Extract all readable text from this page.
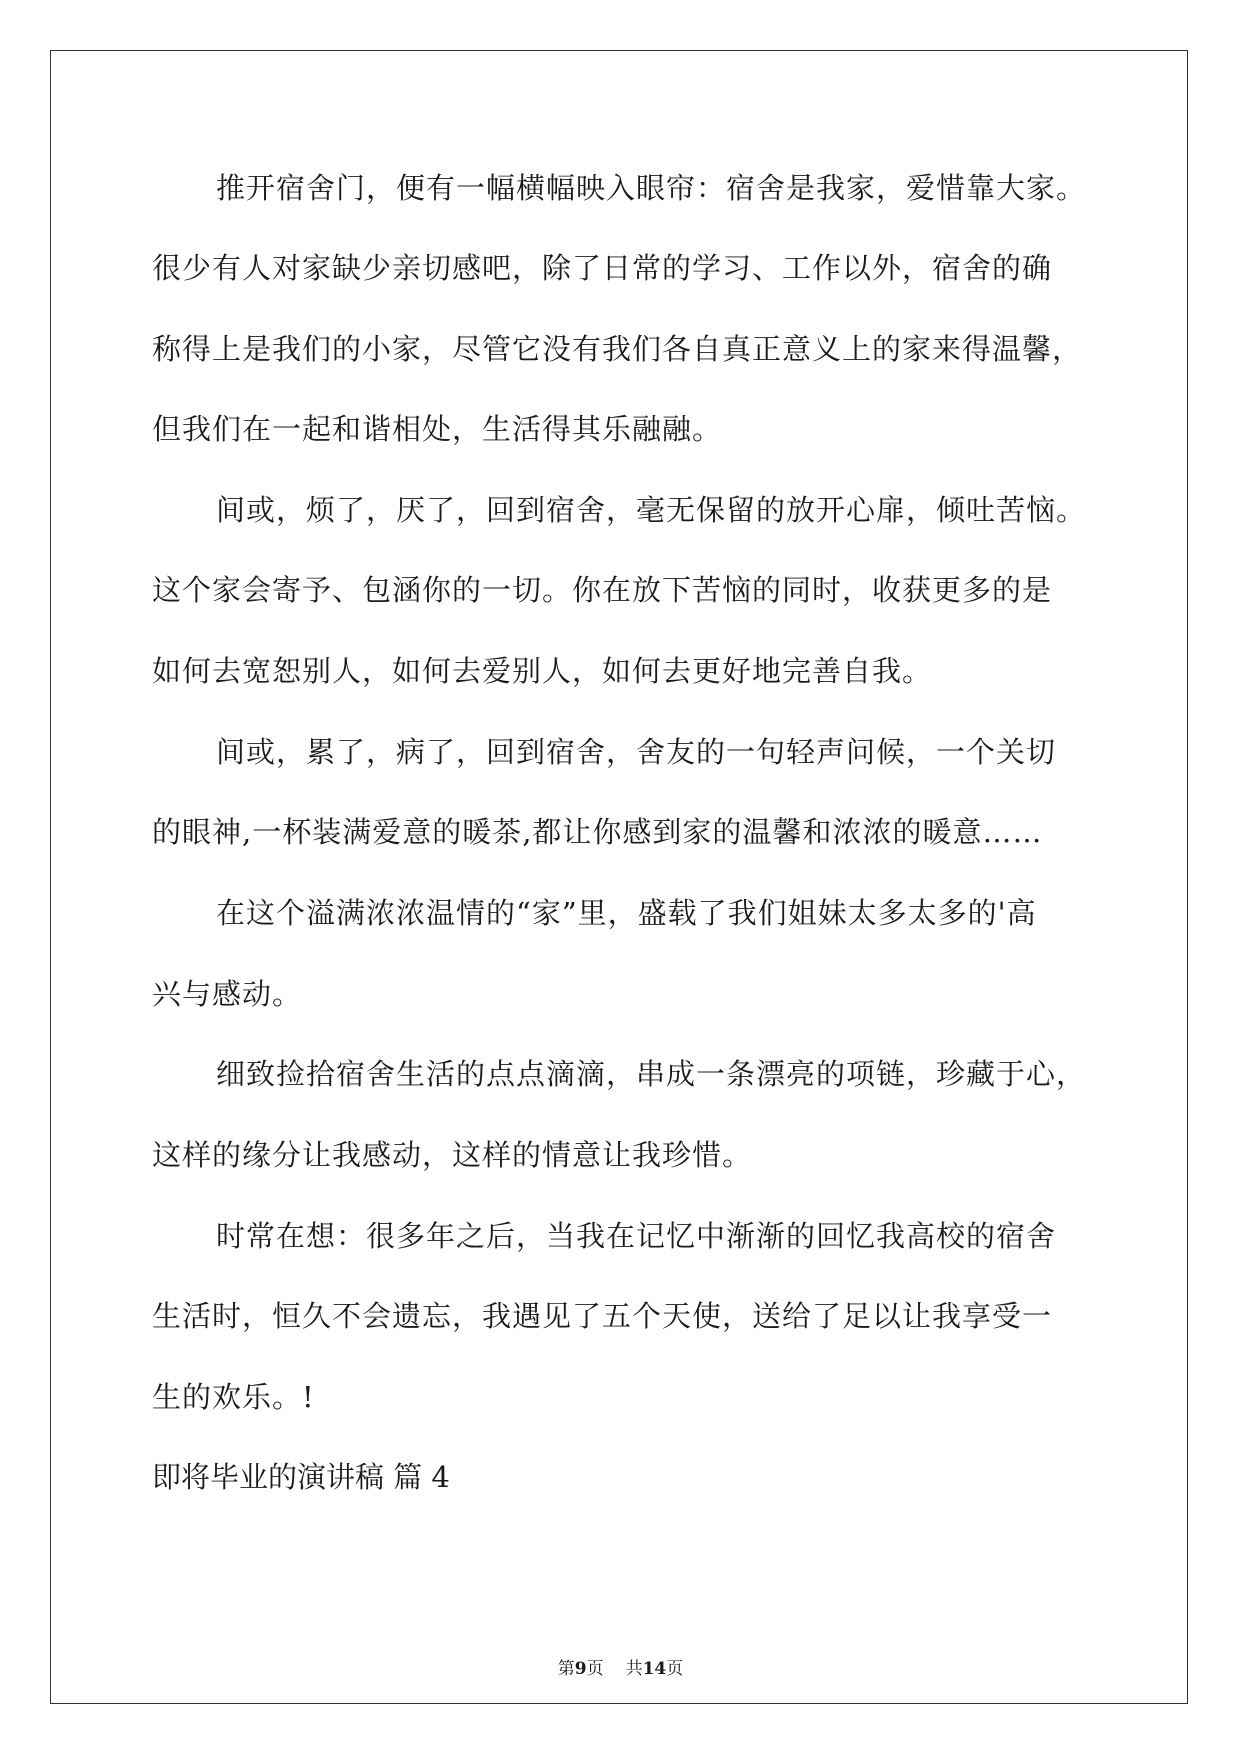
推开宿舍门，便有一幅横幅映入眼帘：宿舍是我家，爱惜靠大家。
很少有人对家缺少亲切感吧，除了日常的学习、工作以外，宿舍的确
称得上是我们的小家，尽管它没有我们各自真正意义上的家来得温馨，
但我们在一起和谐相处，生活得其乐融融。
间或，烦了，厌了，回到宿舍，毫无保留的放开心扉，倾吐苦恼。
这个家会寄予、包涵你的一切。你在放下苦恼的同时，收获更多的是
如何去宽恕别人，如何去爱别人，如何去更好地完善自我。
间或，累了，病了，回到宿舍，舍友的一句轻声问候，一个关切
的眼神,一杯装满爱意的暖茶,都让你感到家的温馨和浓浓的暖意……
在这个溢满浓浓温情的“家”里，盛载了我们姐妹太多太多的'高
兴与感动。
细致捡拾宿舍生活的点点滴滴，串成一条漂亮的项链，珍藏于心，
这样的缘分让我感动，这样的情意让我珍惜。
时常在想：很多年之后，当我在记忆中渐渐的回忆我高校的宿舍
生活时，恒久不会遗忘，我遇见了五个天使，送给了足以让我享受一
生的欢乐。!
即将毕业的演讲稿 篇 4
第9页 共14页
